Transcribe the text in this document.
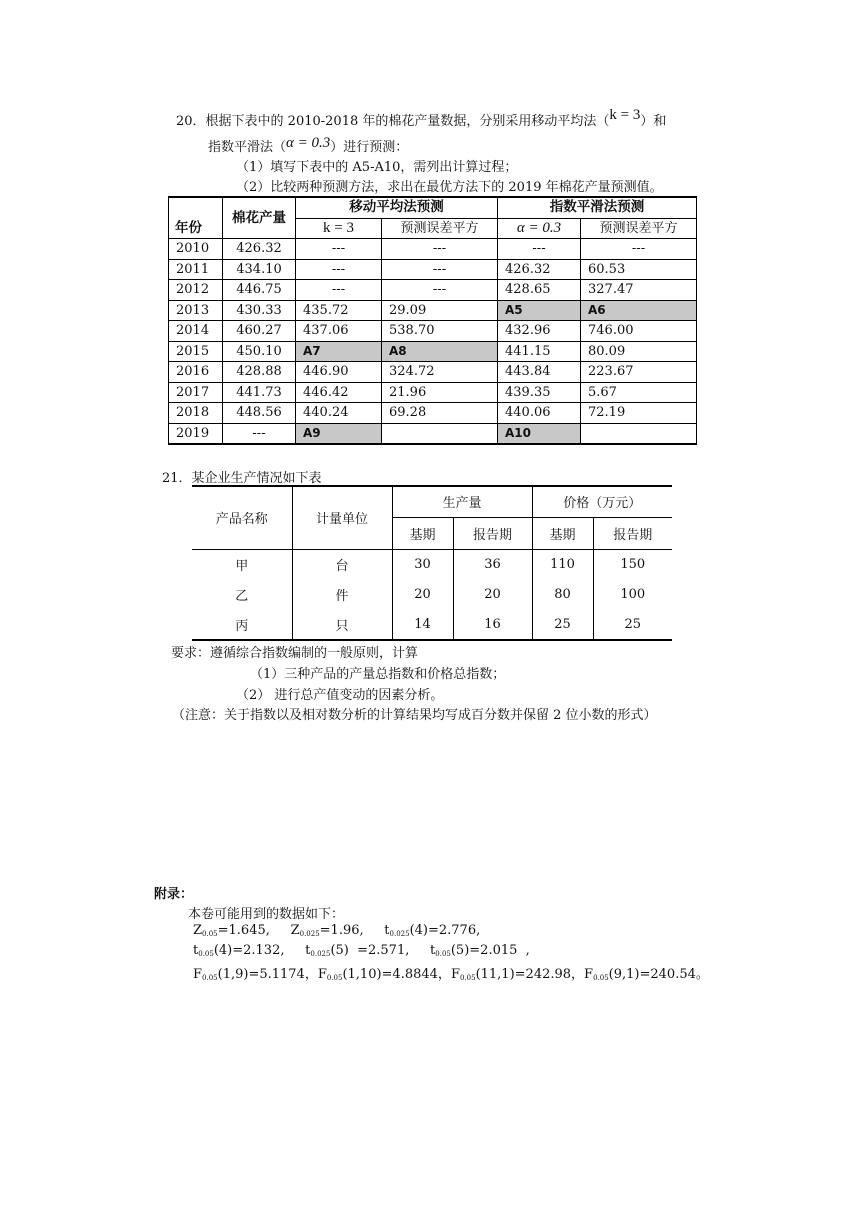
20．根据下表中的 2010-2018 年的棉花产量数据，分别采用移动平均法（k = 3）和
指数平滑法（α = 0.3）进行预测：
（1）填写下表中的 A5-A10，需列出计算过程；
（2）比较两种预测方法，求出在最优方法下的 2019 年棉花产量预测值。
年份	棉花产量	移动平均法预测		指数平滑法预测	
		k = 3	预测误差平方	α = 0.3	预测误差平方
2010	426.32	---	---	---	---
2011	434.10	---	---	426.32	60.53
2012	446.75	---	---	428.65	327.47
2013	430.33	435.72	29.09	A5	A6
2014	460.27	437.06	538.70	432.96	746.00
2015	450.10	A7	A8	441.15	80.09
2016	428.88	446.90	324.72	443.84	223.67
2017	441.73	446.42	21.96	439.35	5.67
2018	448.56	440.24	69.28	440.06	72.19
2019	---	A9		A10	
21．某企业生产情况如下表
产品名称	计量单位	生产量		价格（万元）	
		基期	报告期	基期	报告期
甲	台	30	36	110	150
乙	件	20	20	80	100
丙	只	14	16	25	25
要求：遵循综合指数编制的一般原则，计算
（1）三种产品的产量总指数和价格总指数；
（2） 进行总产值变动的因素分析。
（注意：关于指数以及相对数分析的计算结果均写成百分数并保留 2 位小数的形式）
附录：
本卷可能用到的数据如下：
$Z_{0.05}=1.645$,     $Z_{0.025}=1.96$,     $t_{0.025}(4)=2.776$,
$t_{0.05}(4)=2.132$,     $t_{0.025}(5) =2.571$,     $t_{0.05}(5)=2.015$  ,
$F_{0.05}(1,9)=5.1174$，$F_{0.05}(1,10)=4.8844$，$F_{0.05}(11,1)=242.98$，$F_{0.05}(9,1)=240.54$。
